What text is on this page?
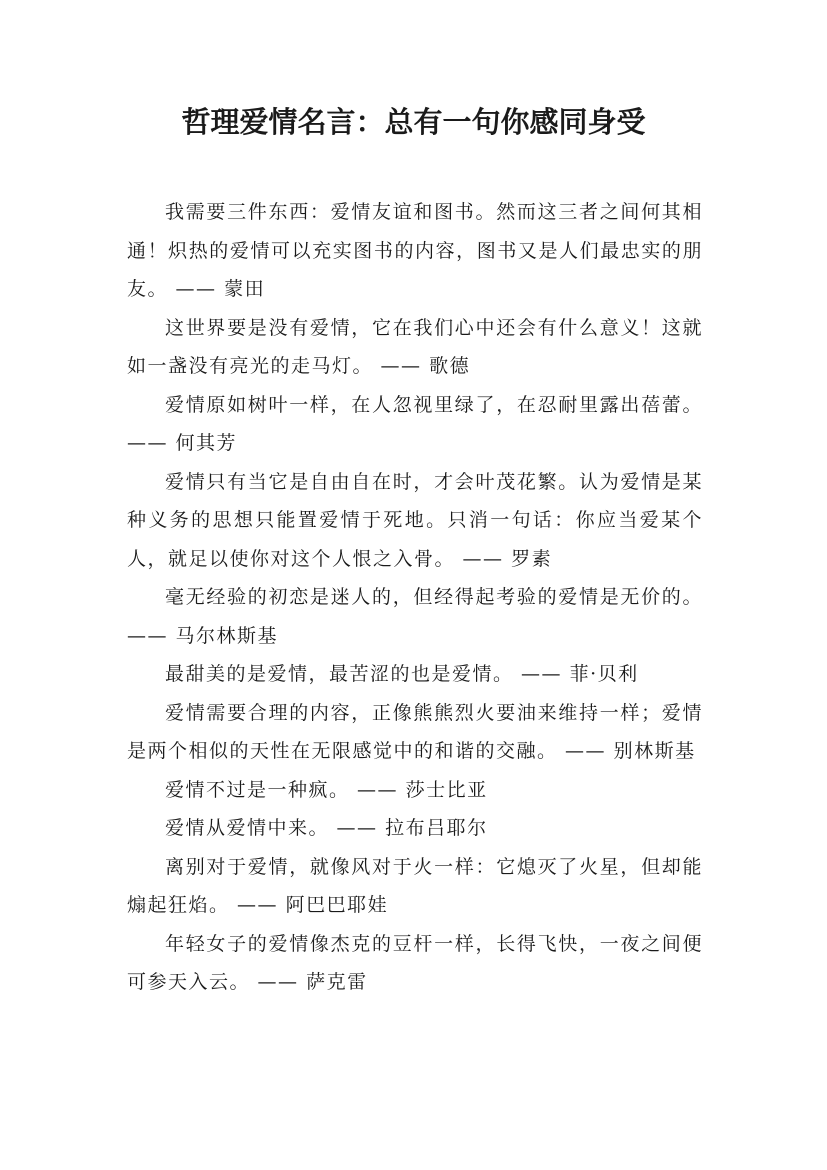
哲理爱情名言：总有一句你感同身受

我需要三件东西：爱情友谊和图书。然而这三者之间何其相通！炽热的爱情可以充实图书的内容，图书又是人们最忠实的朋友。 —— 蒙田

这世界要是没有爱情，它在我们心中还会有什么意义！这就如一盏没有亮光的走马灯。 —— 歌德

爱情原如树叶一样，在人忽视里绿了，在忍耐里露出蓓蕾。 —— 何其芳

爱情只有当它是自由自在时，才会叶茂花繁。认为爱情是某种义务的思想只能置爱情于死地。只消一句话：你应当爱某个人，就足以使你对这个人恨之入骨。 —— 罗素

毫无经验的初恋是迷人的，但经得起考验的爱情是无价的。 —— 马尔林斯基

最甜美的是爱情，最苦涩的也是爱情。 —— 菲·贝利

爱情需要合理的内容，正像熊熊烈火要油来维持一样；爱情是两个相似的天性在无限感觉中的和谐的交融。 —— 别林斯基

爱情不过是一种疯。 —— 莎士比亚

爱情从爱情中来。 —— 拉布吕耶尔

离别对于爱情，就像风对于火一样：它熄灭了火星，但却能煽起狂焰。 —— 阿巴巴耶娃

年轻女子的爱情像杰克的豆杆一样，长得飞快，一夜之间便可参天入云。 —— 萨克雷
